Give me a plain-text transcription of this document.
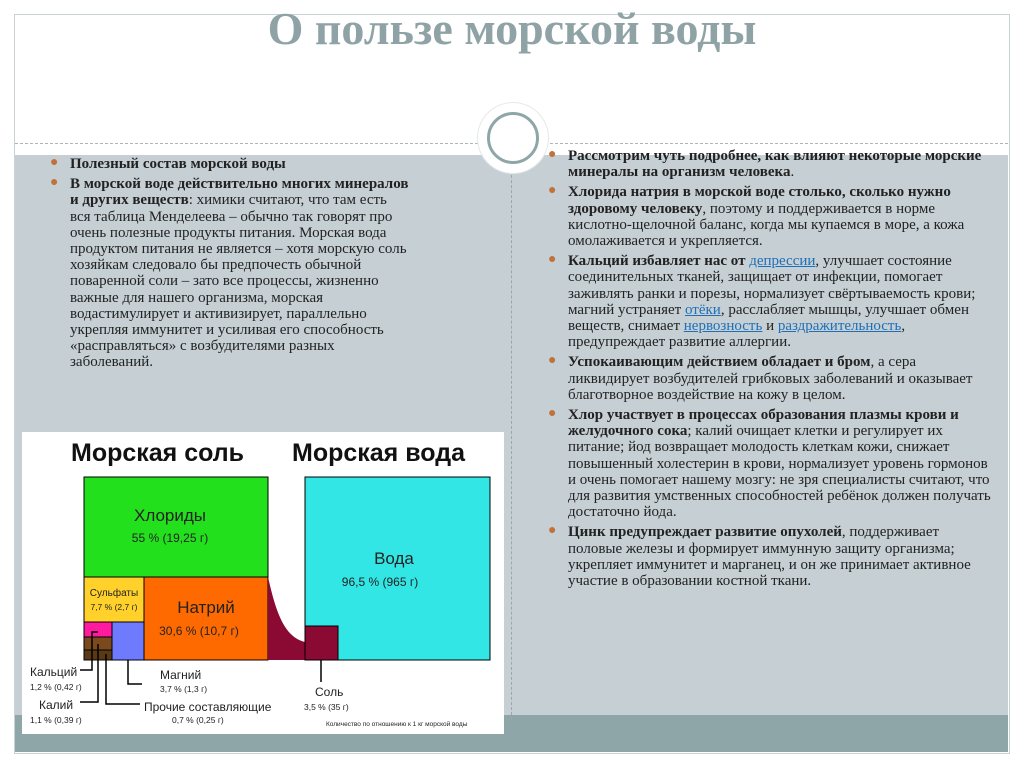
О пользе морской воды
● Полезный состав морской воды
● В морской воде действительно многих минералов и других веществ: химики считают, что там есть вся таблица Менделеева – обычно так говорят про очень полезные продукты питания. Морская вода продуктом питания не является – хотя морскую соль хозяйкам следовало бы предпочесть обычной поваренной соли – зато все процессы, жизненно важные для нашего организма, морская водастимулирует и активизирует, параллельно укрепляя иммунитет и усиливая его способность «расправляться» с возбудителями разных заболеваний.
● Рассмотрим чуть подробнее, как влияют некоторые морские минералы на организм человека.
● Хлорида натрия в морской воде столько, сколько нужно здоровому человеку, поэтому и поддерживается в норме кислотно-щелочной баланс, когда мы купаемся в море, а кожа омолаживается и укрепляется.
● Кальций избавляет нас от депрессии, улучшает состояние соединительных тканей, защищает от инфекции, помогает заживлять ранки и порезы, нормализует свёртываемость крови; магний устраняет отёки, расслабляет мышцы, улучшает обмен веществ, снимает нервозность и раздражительность, предупреждает развитие аллергии.
● Успокаивающим действием обладает и бром, а сера ликвидирует возбудителей грибковых заболеваний и оказывает благотворное воздействие на кожу в целом.
● Хлор участвует в процессах образования плазмы крови и желудочного сока; калий очищает клетки и регулирует их питание; йод возвращает молодость клеткам кожи, снижает повышенный холестерин в крови, нормализует уровень гормонов и очень помогает нашему мозгу: не зря специалисты считают, что для развития умственных способностей ребёнок должен получать достаточно йода.
● Цинк предупреждает развитие опухолей, поддерживает половые железы и формирует иммунную защиту организма; укрепляет иммунитет и марганец, и он же принимает активное участие в образовании костной ткани.
Морская соль Морская вода
Хлориды
55 % (19,25 г)
Сульфаты
7,7 % (2,7 г) Натрий
30,6 % (10,7 г)
Вода
96,5 % (965 г)
Соль
3,5 % (35 г)
Кальций
1,2 % (0,42 г)
Калий
1,1 % (0,39 г)
Магний
3,7 % (1,3 г)
Прочие составляющие
0,7 % (0,25 г)	Количество по отношению к 1 кг морской воды
